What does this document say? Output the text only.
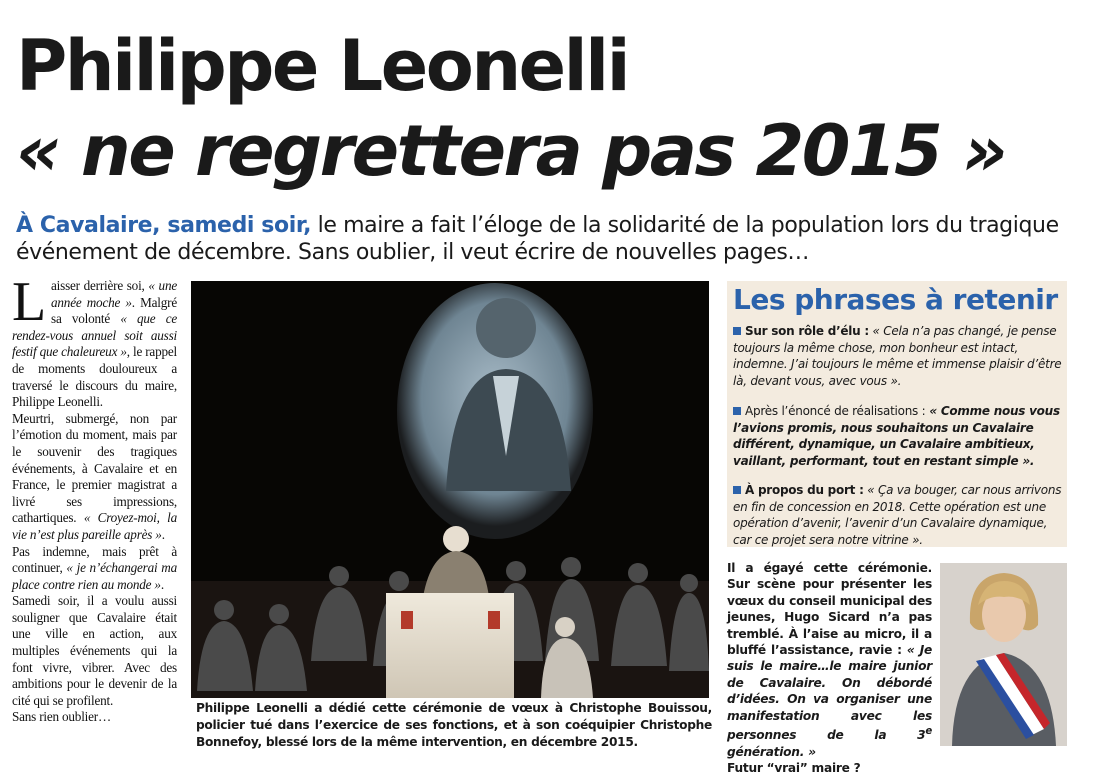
Philippe Leonelli
« ne regrettera pas 2015 »
À Cavalaire, samedi soir, le maire a fait l’éloge de la solidarité de la population lors du tragique événement de décembre. Sans oublier, il veut écrire de nouvelles pages…

Laisser derrière soi, « une année moche ». Malgré sa volonté « que ce rendez-vous annuel soit aussi festif que chaleureux », le rappel de moments douloureux a traversé le discours du maire, Philippe Leonelli.

Meurtri, submergé, non par l’émotion du moment, mais par le souvenir des tragiques événements, à Cavalaire et en France, le premier magistrat a livré ses impressions, cathartiques. « Croyez-moi, la vie n’est plus pareille après ».

Pas indemne, mais prêt à continuer, « je n’échangerai ma place contre rien au monde ».

Samedi soir, il a voulu aussi souligner que Cavalaire était une ville en action, aux multiples événements qui la font vivre, vibrer. Avec des ambitions pour le devenir de la cité qui se profilent.

Sans rien oublier…

Philippe Leonelli a dédié cette cérémonie de vœux à Christophe Bouissou, policier tué dans l’exercice de ses fonctions, et à son coéquipier Christophe Bonnefoy, blessé lors de la même intervention, en décembre 2015.
Les phrases à retenir
Sur son rôle d’élu : « Cela n’a pas changé, je pense toujours la même chose, mon bonheur est intact, indemne. J’ai toujours le même et immense plaisir d’être là, devant vous, avec vous ».
Après l’énoncé de réalisations : « Comme nous vous l’avions promis, nous souhaitons un Cavalaire différent, dynamique, un Cavalaire ambitieux, vaillant, performant, tout en restant simple ».
À propos du port : « Ça va bouger, car nous arrivons en fin de concession en 2018. Cette opération est une opération d’avenir, l’avenir d’un Cavalaire dynamique, car ce projet sera notre vitrine ».

Il a égayé cette cérémonie. Sur scène pour présenter les vœux du conseil municipal des jeunes, Hugo Sicard n’a pas tremblé. À l’aise au micro, il a bluffé l’assistance, ravie : « Je suis le maire…le maire junior de Cavalaire. On débordé d’idées. On va organiser une manifestation avec les personnes de la 3e génération. »

Futur “vrai” maire ?
